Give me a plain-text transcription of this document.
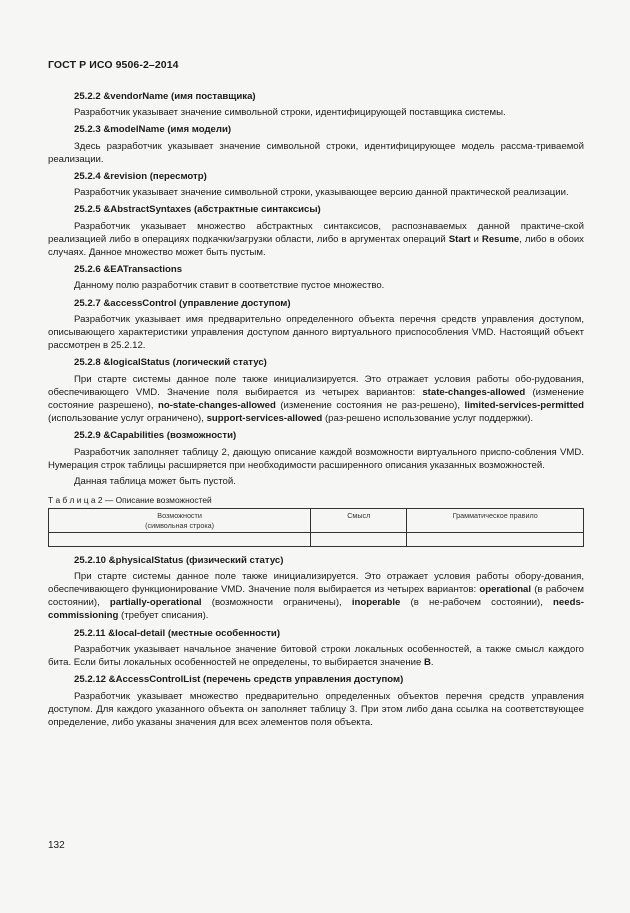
ГОСТ Р ИСО 9506-2–2014
25.2.2 &vendorName (имя поставщика)
Разработчик указывает значение символьной строки, идентифицирующей поставщика системы.
25.2.3 &modelName (имя модели)
Здесь разработчик указывает значение символьной строки, идентифицирующее модель рассма-триваемой реализации.
25.2.4 &revision (пересмотр)
Разработчик указывает значение символьной строки, указывающее версию данной практической реализации.
25.2.5 &AbstractSyntaxes (абстрактные синтаксисы)
Разработчик указывает множество абстрактных синтаксисов, распознаваемых данной практиче-ской реализацией либо в операциях подкачки/загрузки области, либо в аргументах операций Start и Resume, либо в обоих случаях. Данное множество может быть пустым.
25.2.6 &EATransactions
Данному полю разработчик ставит в соответствие пустое множество.
25.2.7 &accessControl (управление доступом)
Разработчик указывает имя предварительно определенного объекта перечня средств управления доступом, описывающего характеристики управления доступом данного виртуального приспособления VMD. Настоящий объект рассмотрен в 25.2.12.
25.2.8 &logicalStatus (логический статус)
При старте системы данное поле также инициализируется. Это отражает условия работы обо-рудования, обеспечивающего VMD. Значение поля выбирается из четырех вариантов: state-changes-allowed (изменение состояние разрешено), no-state-changes-allowed (изменение состояния не раз-решено), limited-services-permitted (использование услуг ограничено), support-services-allowed (раз-решено использование услуг поддержки).
25.2.9 &Capabilities (возможности)
Разработчик заполняет таблицу 2, дающую описание каждой возможности виртуального приспо-собления VMD. Нумерация строк таблицы расширяется при необходимости расширенного описания указанных возможностей.
Данная таблица может быть пустой.
Т а б л и ц а 2 — Описание возможностей
Возможности
(символьная строка)	Смысл	Грамматическое правило

25.2.10 &physicalStatus (физический статус)
При старте системы данное поле также инициализируется. Это отражает условия работы обору-дования, обеспечивающего функционирование VMD. Значение поля выбирается из четырех вариантов: operational (в рабочем состоянии), partially-operational (возможности ограничены), inoperable (в не-рабочем состоянии), needs-commissioning (требует списания).
25.2.11 &local-detail (местные особенности)
Разработчик указывает начальное значение битовой строки локальных особенностей, а также смысл каждого бита. Если биты локальных особенностей не определены, то выбирается значение B.
25.2.12 &AccessControlList (перечень средств управления доступом)
Разработчик указывает множество предварительно определенных объектов перечня средств управления доступом. Для каждого указанного объекта он заполняет таблицу 3. При этом либо дана ссылка на соответствующее определение, либо указаны значения для всех элементов поля объекта.
132
